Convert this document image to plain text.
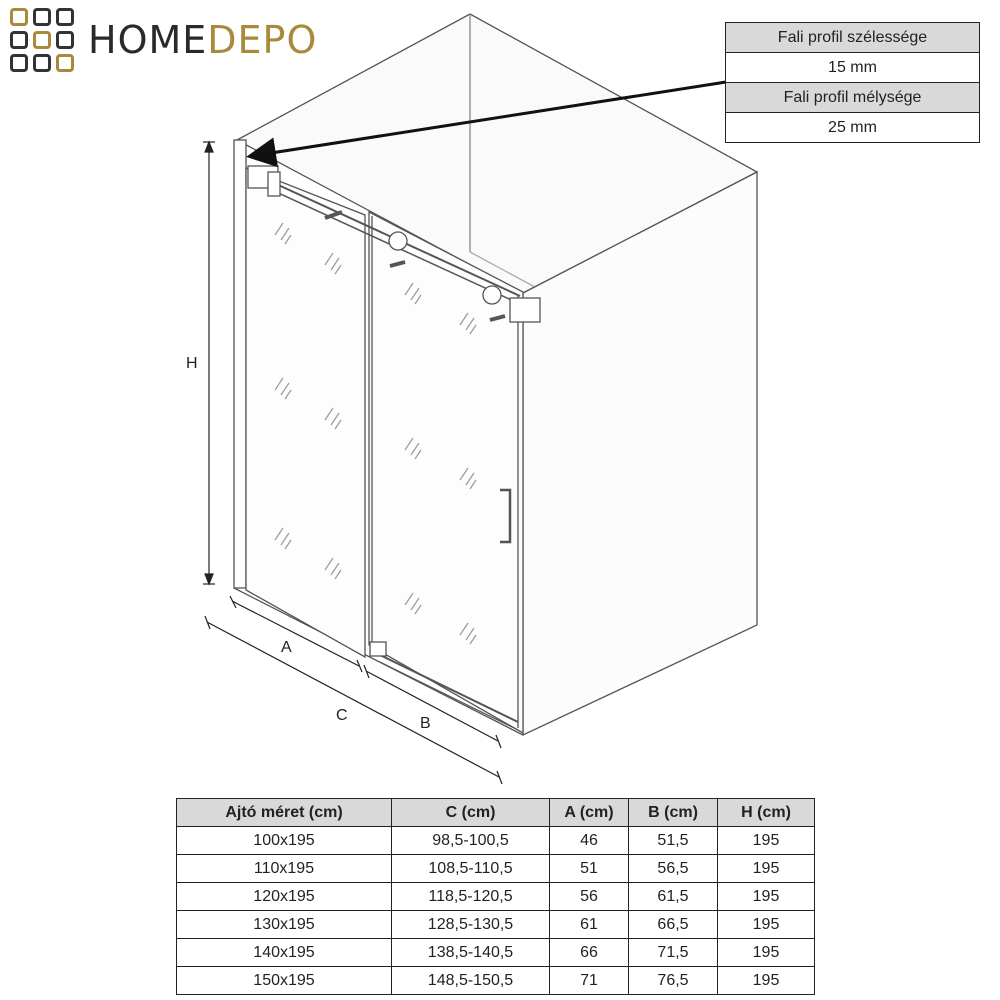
HOMEDEPO
H
A
B
C
Fali profil szélessége
15 mm
Fali profil mélysége
25 mm
Ajtó méret (cm)	C (cm)	A (cm)	B (cm)	H (cm)
100x195	98,5-100,5	46	51,5	195
110x195	108,5-110,5	51	56,5	195
120x195	118,5-120,5	56	61,5	195
130x195	128,5-130,5	61	66,5	195
140x195	138,5-140,5	66	71,5	195
150x195	148,5-150,5	71	76,5	195
